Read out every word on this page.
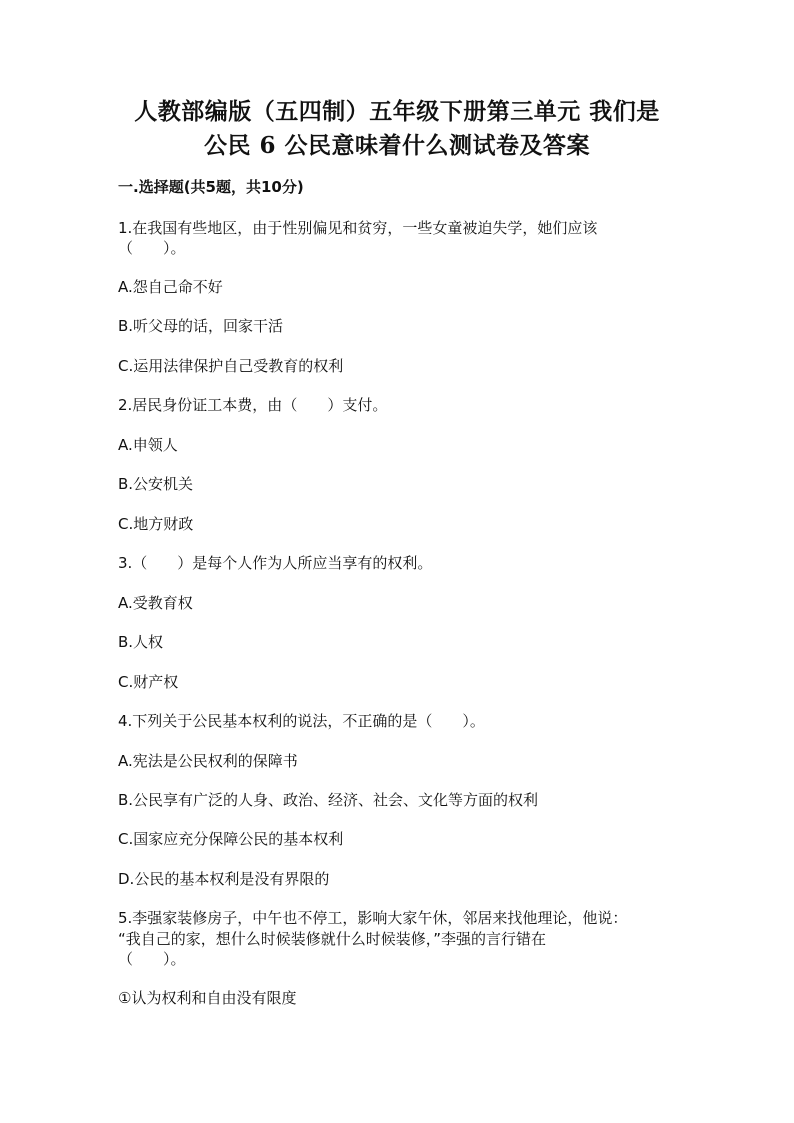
人教部编版（五四制）五年级下册第三单元 我们是
公民 6 公民意味着什么测试卷及答案
一.选择题(共5题，共10分)
1.在我国有些地区，由于性别偏见和贫穷，一些女童被迫失学，她们应该
（　　）。
A.怨自己命不好
B.听父母的话，回家干活
C.运用法律保护自己受教育的权利
2.居民身份证工本费，由（　　）支付。
A.申领人
B.公安机关
C.地方财政
3.（　　）是每个人作为人所应当享有的权利。
A.受教育权
B.人权
C.财产权
4.下列关于公民基本权利的说法，不正确的是（　　）。
A.宪法是公民权利的保障书
B.公民享有广泛的人身、政治、经济、社会、文化等方面的权利
C.国家应充分保障公民的基本权利
D.公民的基本权利是没有界限的
5.李强家装修房子，中午也不停工，影响大家午休，邻居来找他理论，他说：
“我自己的家，想什么时候装修就什么时候装修，”李强的言行错在
（　　）。
①认为权利和自由没有限度
